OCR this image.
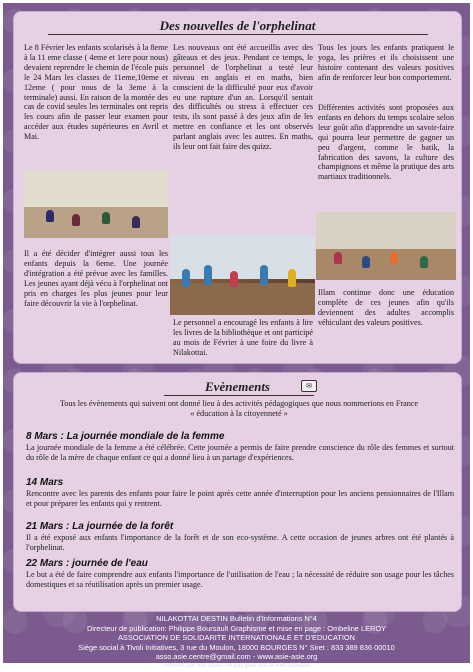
Des nouvelles de l'orphelinat
Le 8 Février les enfants scolarisés à la 8eme à la 11 eme classe ( 4eme et 1ere pour nous) devaient reprendre le chemin de l'école puis le 24 Mars les classes de 11eme,10eme et 12eme ( pour nous de la 3eme à la terminale) aussi. En raison de la montée des cas de covid seules les terminales ont repris les cours afin de passer leur examen pour accéder aux études supérieures en Avril et Mai.
Il a été décider d'intégrer aussi tous les enfants depuis la 6eme. Une journée d'intégration a été prévue avec les familles. Les jeunes ayant déjà vécu à l'orphelinat ont pris en charges les plus jeunes pour leur faire découvrir la vie à l'orphelinat.
Les nouveaux ont été accueillis avec des gâteaux et des jeux. Pendant ce temps, le personnel de l'orphelinat a testé leur niveau en anglais et en maths, bien conscient de la difficulté pour eux d'avoir eu une rupture d'un an. Lorsqu'il sentait des difficultés ou stress à effectuer ces tests, ils sont passé à des jeux afin de les mettre en confiance et les ont observés parlant anglais avec les autres. En maths, ils leur ont fait faire des quizz.
Le personnel a encouragé les enfants à lire les livres de la bibliothèque et ont participé au mois de Février à une foire du livre à Nilakottai.
Tous les jours les enfants pratiquent le yoga, les prières et ils choisissent une histoire contenant des valeurs positives afin de renforcer leur bon comportement.
Différentes activités sont proposées aux enfants en dehors du temps scolaire selon leur goût afin d'apprendre un savoir-faire qui pourra leur permettre de gagner un peu d'argent, comme le batik, la fabrication des savons, la culture des champignons et même la pratique des arts martiaux traditionnels.
Illam continue donc une éducation complète de ces jeunes afin qu'ils deviennent des adultes accomplis véhiculant des valeurs positives.
Evènements	✉
Tous les évènements qui suivent ont donné lieu à des activités pédagogiques que nous nommerions en France
« éducation à la citoyenneté »
8 Mars : La journée mondiale de la femme
La journée mondiale de la femme a été célébrée. Cette journée a permis de faire prendre conscience du rôle des femmes et surtout du rôle de la mère de chaque enfant ce qui a donné lieu à un partage d'expériences.
14 Mars
Rencontre avec les parents des enfants pour faire le point après cette année d'interruption pour les anciens pensionnaires de l'Illam et pour préparer les enfants qui y rentrent.
21 Mars : La journée de la forêt
Il a été exposé aux enfants l'importance de la forêt et de son eco-système. A cette occasion de jeunes arbres ont été plantés à l'orphelinat.
22 Mars : journée de l'eau
Le but a été de faire comprendre aux enfants l'importance de l'utilisation de l'eau ; la nécessité de réduire son usage pour les tâches domestiques et sa réutilisation après un premier usage.
NILAKOTTAI DESTIN Bulletin d'Informations N°4
Directeur de publication: Philippe Boursault Graphisme et mise en page : Ombeline LEROY
ASSOCIATION DE SOLIDARITE INTERNATIONALE ET D'EDUCATION
Siège social à Tivoli Initiatives, 3 rue du Moulon, 18000 BOURGES N° Siret : 833 389 836 00010
asso.asie.centre@gmail.com - www.asie-asie.org
Imprimé par nos soins, ne pas jeter sur la voie publique
